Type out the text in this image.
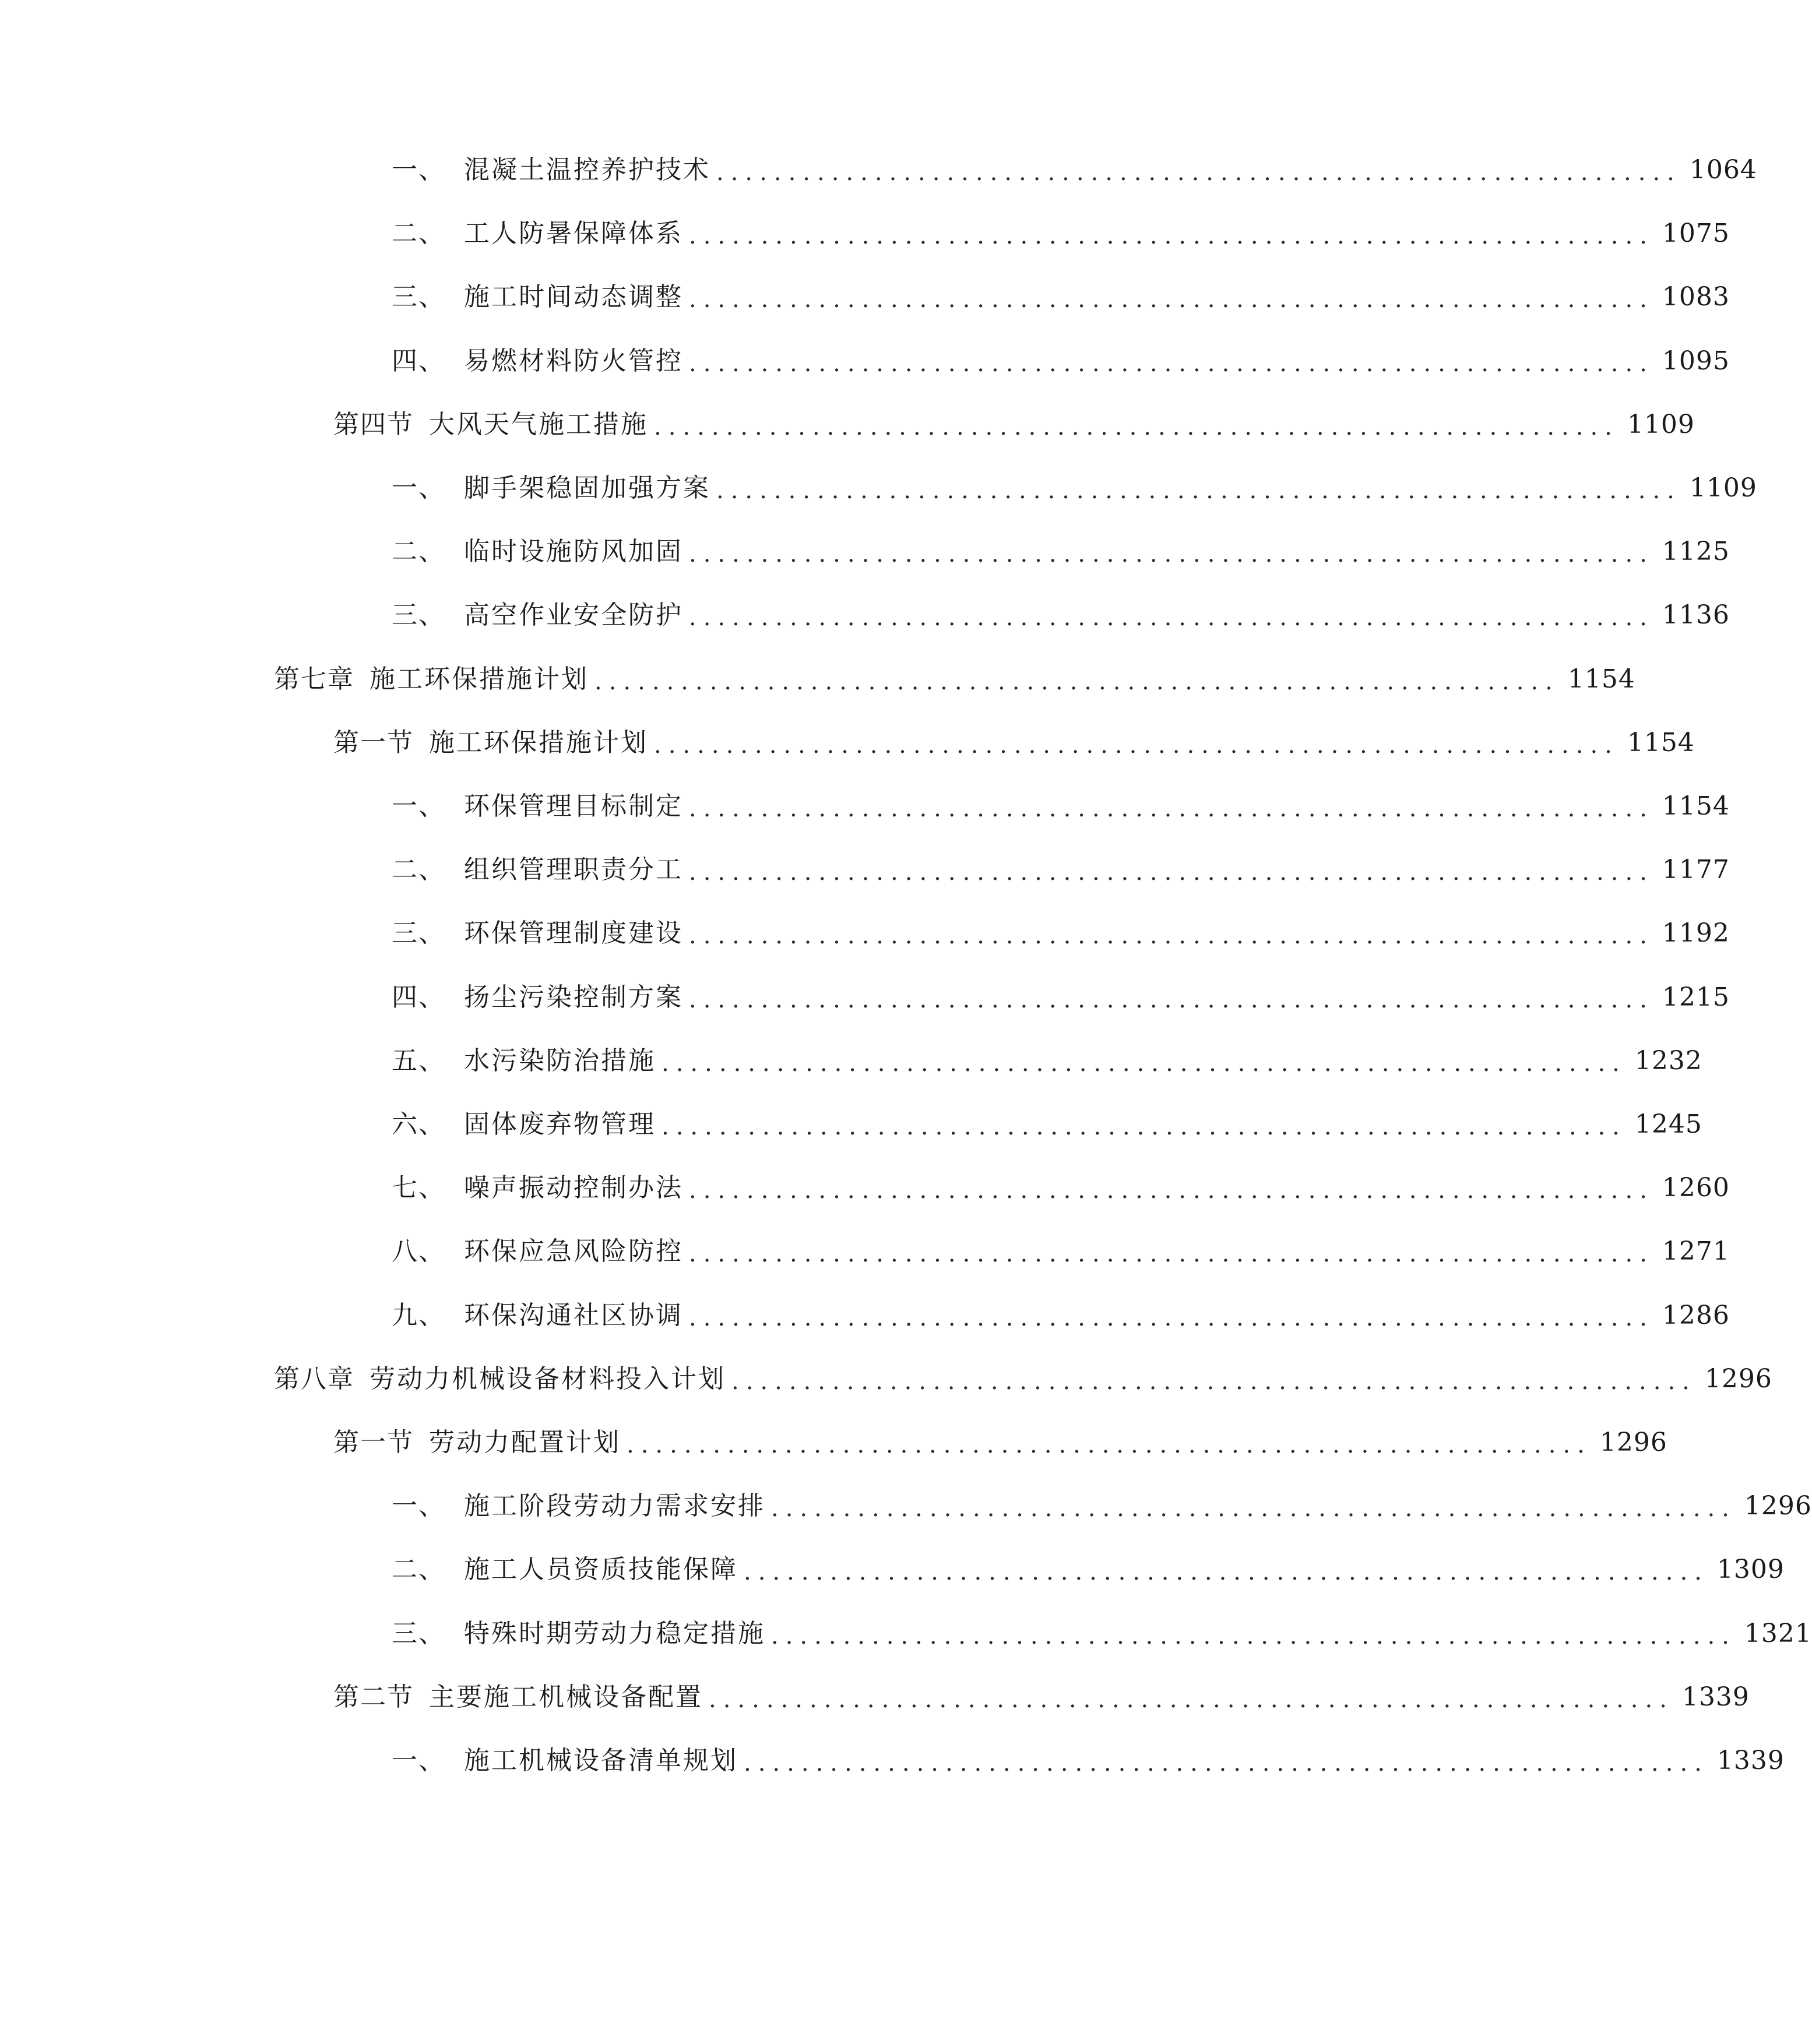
一、 混凝土温控养护技术 ................................................................... 1064
二、 工人防暑保障体系 ................................................................... 1075
三、 施工时间动态调整 ................................................................... 1083
四、 易燃材料防火管控 ................................................................... 1095
第四节 大风天气施工措施 ................................................................... 1109
一、 脚手架稳固加强方案 ................................................................... 1109
二、 临时设施防风加固 ................................................................... 1125
三、 高空作业安全防护 ................................................................... 1136
第七章 施工环保措施计划 ................................................................... 1154
第一节 施工环保措施计划 ................................................................... 1154
一、 环保管理目标制定 ................................................................... 1154
二、 组织管理职责分工 ................................................................... 1177
三、 环保管理制度建设 ................................................................... 1192
四、 扬尘污染控制方案 ................................................................... 1215
五、 水污染防治措施 ................................................................... 1232
六、 固体废弃物管理 ................................................................... 1245
七、 噪声振动控制办法 ................................................................... 1260
八、 环保应急风险防控 ................................................................... 1271
九、 环保沟通社区协调 ................................................................... 1286
第八章 劳动力机械设备材料投入计划 ................................................................... 1296
第一节 劳动力配置计划 ................................................................... 1296
一、 施工阶段劳动力需求安排 ................................................................... 1296
二、 施工人员资质技能保障 ................................................................... 1309
三、 特殊时期劳动力稳定措施 ................................................................... 1321
第二节 主要施工机械设备配置 ................................................................... 1339
一、 施工机械设备清单规划 ................................................................... 1339
